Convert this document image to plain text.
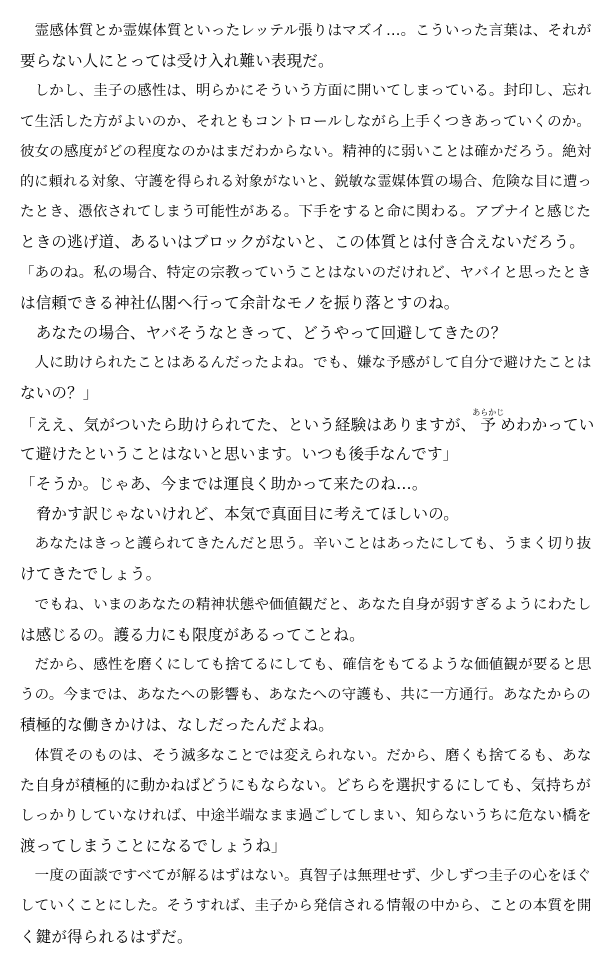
　霊感体質とか霊媒体質といったレッテル張りはマズイ…。こういった言葉は、それが
要らない人にとっては受け入れ難い表現だ。
　しかし、圭子の感性は、明らかにそういう方面に開いてしまっている。封印し、忘れ
て生活した方がよいのか、それともコントロールしながら上手くつきあっていくのか。
彼女の感度がどの程度なのかはまだわからない。精神的に弱いことは確かだろう。絶対
的に頼れる対象、守護を得られる対象がないと、鋭敏な霊媒体質の場合、危険な目に遭っ
たとき、憑依されてしまう可能性がある。下手をすると命に関わる。アブナイと感じた
ときの逃げ道、あるいはブロックがないと、この体質とは付き合えないだろう。
「あのね。私の場合、特定の宗教っていうことはないのだけれど、ヤバイと思ったとき
は信頼できる神社仏閣へ行って余計なモノを振り落とすのね。
　あなたの場合、ヤバそうなときって、どうやって回避してきたの？
　人に助けられたことはあるんだったよね。でも、嫌な予感がして自分で避けたことは
ないの？」
「ええ、気がついたら助けられてた、という経験はありますが、予あらかじめわかってい
て避けたということはないと思います。いつも後手なんです」
「そうか。じゃあ、今までは運良く助かって来たのね…。
　脅かす訳じゃないけれど、本気で真面目に考えてほしいの。
　あなたはきっと護られてきたんだと思う。辛いことはあったにしても、うまく切り抜
けてきたでしょう。
　でもね、いまのあなたの精神状態や価値観だと、あなた自身が弱すぎるようにわたし
は感じるの。護る力にも限度があるってことね。
　だから、感性を磨くにしても捨てるにしても、確信をもてるような価値観が要ると思
うの。今までは、あなたへの影響も、あなたへの守護も、共に一方通行。あなたからの
積極的な働きかけは、なしだったんだよね。
　体質そのものは、そう滅多なことでは変えられない。だから、磨くも捨てるも、あな
た自身が積極的に動かねばどうにもならない。どちらを選択するにしても、気持ちが
しっかりしていなければ、中途半端なまま過ごしてしまい、知らないうちに危ない橋を
渡ってしまうことになるでしょうね」
　一度の面談ですべてが解るはずはない。真智子は無理せず、少しずつ圭子の心をほぐ
していくことにした。そうすれば、圭子から発信される情報の中から、ことの本質を開
く鍵が得られるはずだ。
